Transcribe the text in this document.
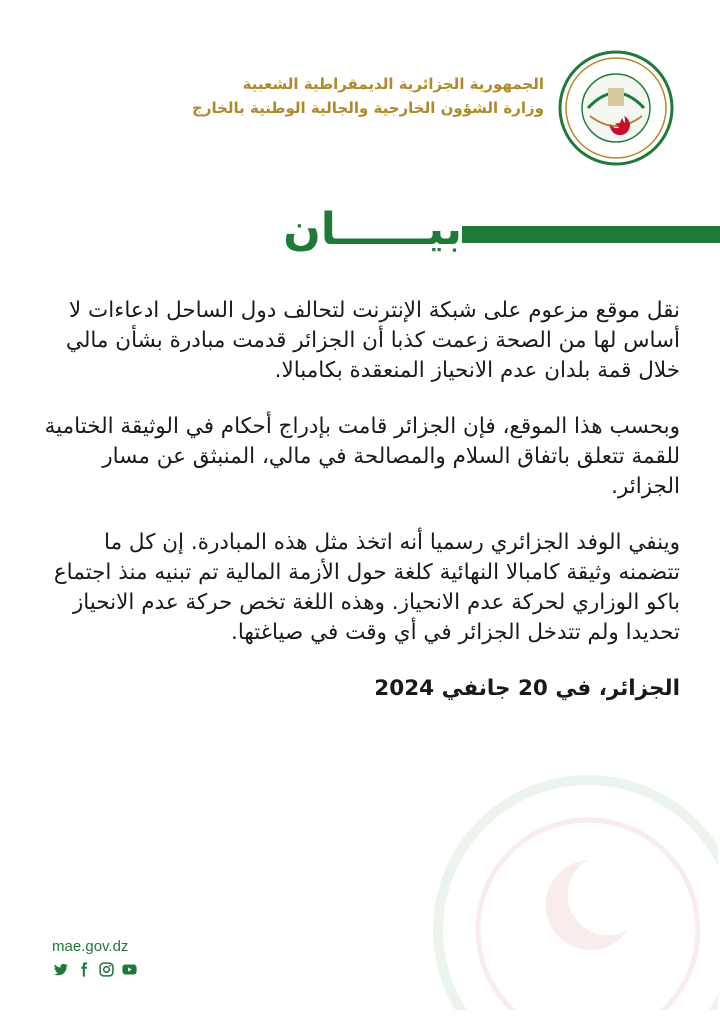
الجمهورية الجزائرية الديمقراطية الشعبية
وزارة الشؤون الخارجية والجالية الوطنية بالخارج
بيــــــان

نقل موقع مزعوم على شبكة الإنترنت لتحالف دول الساحل ادعاءات لا أساس لها من الصحة زعمت كذبا أن الجزائر قدمت مبادرة بشأن مالي خلال قمة بلدان عدم الانحياز المنعقدة بكامبالا.

وبحسب هذا الموقع، فإن الجزائر قامت بإدراج أحكام في الوثيقة الختامية للقمة تتعلق باتفاق السلام والمصالحة في مالي، المنبثق عن مسار الجزائر.

وينفي الوفد الجزائري رسميا أنه اتخذ مثل هذه المبادرة. إن كل ما تتضمنه وثيقة كامبالا النهائية كلغة حول الأزمة المالية تم تبنيه منذ اجتماع باكو الوزاري لحركة عدم الانحياز. وهذه اللغة تخص حركة عدم الانحياز تحديدا ولم تتدخل الجزائر في أي وقت في صياغتها.

الجزائر، في 20 جانفي 2024
mae.gov.dz
